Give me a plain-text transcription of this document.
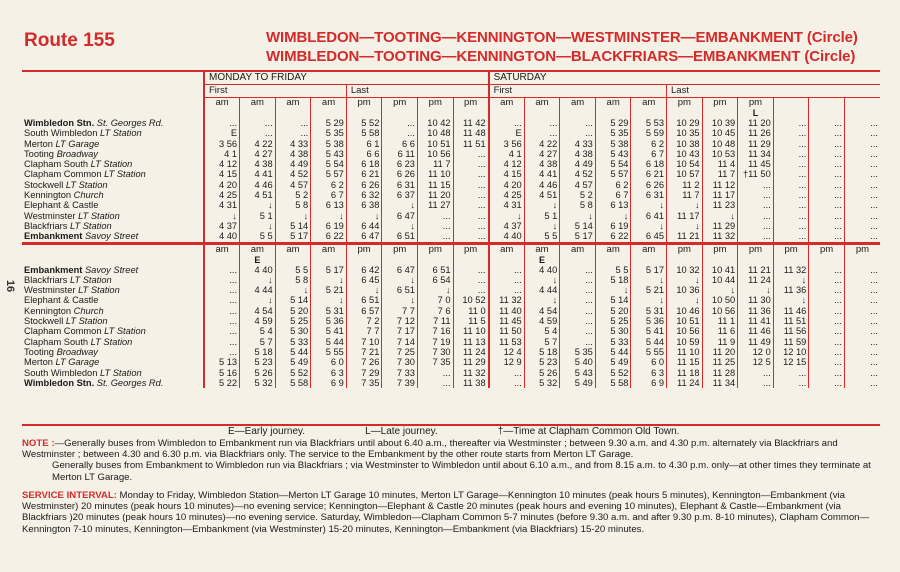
Route 155	WIMBLEDON—TOOTING—KENNINGTON—WESTMINSTER—EMBANKMENT (Circle)
WIMBLEDON—TOOTING—KENNINGTON—BLACKFRIARS—EMBANKMENT (Circle)
16
	MONDAY TO FRIDAY								SATURDAY										
	First				Last				First					Last					
	am	am	am	am	pm	pm	pm	pm	am	am	am	am	am	pm	pm	pm			
																L			
Wimbledon Stn. St. Georges Rd.	...	...	...	5 29	5 52	...	10 42	11 42	...	...	...	5 29	5 53	10 29	10 39	11 20	...	...	...
South Wimbledon LT Station	E	...	...	5 35	5 58	...	10 48	11 48	E	...	...	5 35	5 59	10 35	10 45	11 26	...	...	...
Merton LT Garage	3 56	4 22	4 33	5 38	6 1	6 6	10 51	11 51	3 56	4 22	4 33	5 38	6 2	10 38	10 48	11 29	...	...	...
Tooting Broadway	4 1	4 27	4 38	5 43	6 6	6 11	10 56	...	4 1	4 27	4 38	5 43	6 7	10 43	10 53	11 34	...	...	...
Clapham South LT Station	4 12	4 38	4 49	5 54	6 18	6 23	11 7	...	4 12	4 38	4 49	5 54	6 18	10 54	11 4	11 45	...	...	...
Clapham Common LT Station	4 15	4 41	4 52	5 57	6 21	6 26	11 10	...	4 15	4 41	4 52	5 57	6 21	10 57	11 7	†11 50	...	...	...
Stockwell LT Station	4 20	4 46	4 57	6 2	6 26	6 31	11 15	...	4 20	4 46	4 57	6 2	6 26	11 2	11 12	...	...	...	...
Kennington Church	4 25	4 51	5 2	6 7	6 32	6 37	11 20	...	4 25	4 51	5 2	6 7	6 31	11 7	11 17	...	...	...	...
Elephant & Castle	4 31	↓	5 8	6 13	6 38	↓	11 27	...	4 31	↓	5 8	6 13	↓	↓	11 23	...	...	...	...
Westminster LT Station	↓	5 1	↓	↓	↓	6 47	...	...	↓	5 1	↓	↓	6 41	11 17	↓	...	...	...	...
Blackfriars LT Station	4 37	↓	5 14	6 19	6 44	↓	...	...	4 37	↓	5 14	6 19	↓	↓	11 29	...	...	...	...
Embankment Savoy Street	4 40	5 5	5 17	6 22	6 47	6 51	...	...	4 40	5 5	5 17	6 22	6 45	11 21	11 32	...	...	...	...

	am	am	am	am	pm	pm	pm	pm	am	am	am	am	am	pm	pm	pm	pm	pm	pm
		E								E									
Embankment Savoy Street	...	4 40	5 5	5 17	6 42	6 47	6 51	...	...	4 40	...	5 5	5 17	10 32	10 41	11 21	11 32	...	...
Blackfriars LT Station	...	↓	5 8	↓	6 45	↓	6 54	...	...	↓	...	5 18	↓	↓	10 44	11 24	↓	...	...
Westminster LT Station	...	4 44	↓	5 21	↓	6 51	↓	...	...	4 44	...	↓	5 21	10 36	↓	↓	11 36	...	...
Elephant & Castle	...	↓	5 14	↓	6 51	↓	7 0	10 52	11 32	↓	...	5 14	↓	↓	10 50	11 30	↓	...	...
Kennington Church	...	4 54	5 20	5 31	6 57	7 7	7 6	11 0	11 40	4 54	...	5 20	5 31	10 46	10 56	11 36	11 46	...	...
Stockwell LT Station	...	4 59	5 25	5 36	7 2	7 12	7 11	11 5	11 45	4 59	...	5 25	5 36	10 51	11 1	11 41	11 51	...	...
Clapham Common LT Station	...	5 4	5 30	5 41	7 7	7 17	7 16	11 10	11 50	5 4	...	5 30	5 41	10 56	11 6	11 46	11 56	...	...
Clapham South LT Station	...	5 7	5 33	5 44	7 10	7 14	7 19	11 13	11 53	5 7	...	5 33	5 44	10 59	11 9	11 49	11 59	...	...
Tooting Broadway	...	5 18	5 44	5 55	7 21	7 25	7 30	11 24	12 4	5 18	5 35	5 44	5 55	11 10	11 20	12 0	12 10	...	...
Merton LT Garage	5 13	5 23	5 49	6 0	7 26	7 30	7 35	11 29	12 9	5 23	5 40	5 49	6 0	11 15	11 25	12 5	12 15	...	...
South Wimbledon LT Station	5 16	5 26	5 52	6 3	7 29	7 33	...	11 32	...	5 26	5 43	5 52	6 3	11 18	11 28	...	...	...	...
Wimbledon Stn. St. Georges Rd.	5 22	5 32	5 58	6 9	7 35	7 39	...	11 38	...	5 32	5 49	5 58	6 9	11 24	11 34	...	...	...	...
E—Early journey.	L—Late journey.	†—Time at Clapham Common Old Town.

NOTE :—Generally buses from Wimbledon to Embankment run via Blackfriars until about 6.40 a.m., thereafter via Westminster ; between 9.30 a.m. and 4.30 p.m. alternately via Blackfriars and Westminster ; between 4.30 and 6.30 p.m. via Blackfriars only. The service to the Embankment by the other route starts from Merton LT Garage.

Generally buses from Embankment to Wimbledon run via Blackfriars ; via Westminster to Wimbledon until about 6.10 a.m., and from 8.15 a.m. to 4.30 p.m. only—at other times they terminate at Merton LT Garage.

SERVICE INTERVAL: Monday to Friday, Wimbledon Station—Merton LT Garage 10 minutes, Merton LT Garage—Kennington 10 minutes (peak hours 5 minutes), Kennington—Embankment (via Westminster) 20 minutes (peak hours 10 minutes)—no evening service; Kennington—Elephant & Castle 20 minutes (peak hours and evening 10 minutes), Elephant & Castle—Embankment (via Blackfriars )20 minutes (peak hours 10 minutes)—no evening service. Saturday, Wimbledon—Clapham Common 5-7 minutes (before 9.30 a.m. and after 9.30 p.m. 8-10 minutes), Clapham Common—Kennington 7-10 minutes, Kennington—Embankment (via Westminster) 15-20 minutes, Kennington—Embankment (via Blackfriars) 15-20 minutes.
